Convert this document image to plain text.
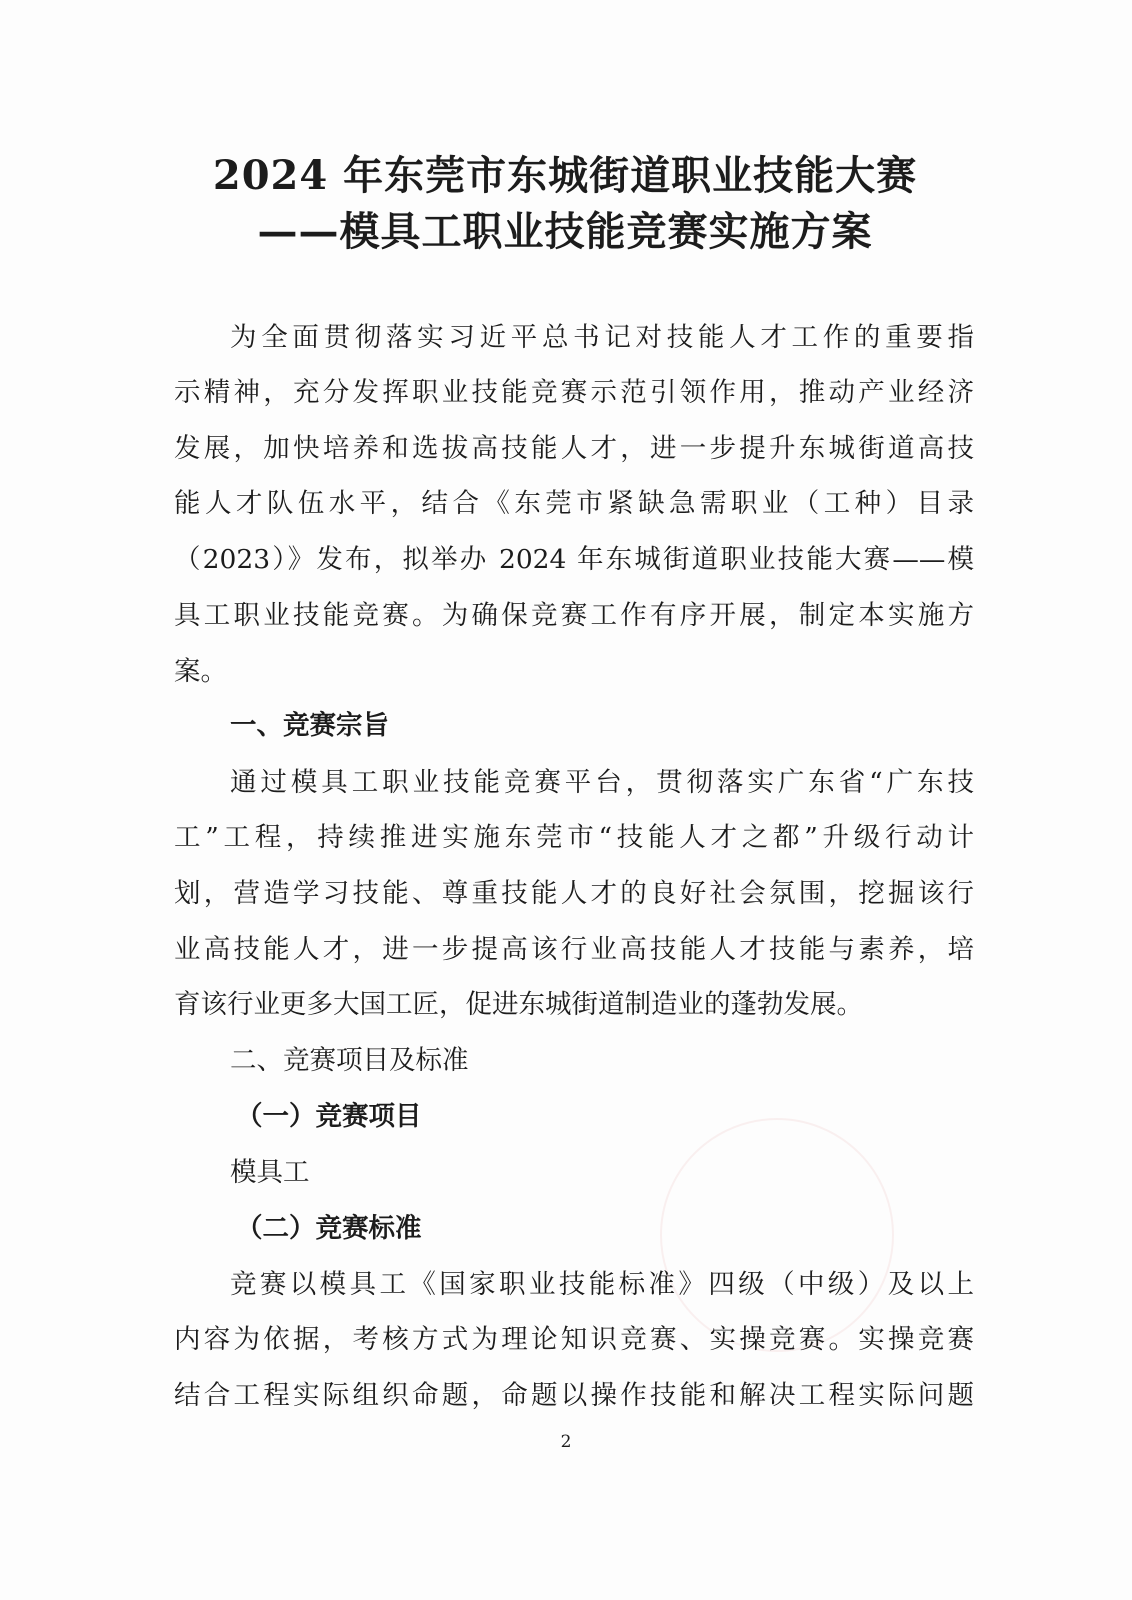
2024 年东莞市东城街道职业技能大赛
——模具工职业技能竞赛实施方案
为全面贯彻落实习近平总书记对技能人才工作的重要指
示精神，充分发挥职业技能竞赛示范引领作用，推动产业经济
发展，加快培养和选拔高技能人才，进一步提升东城街道高技
能人才队伍水平，结合《东莞市紧缺急需职业（工种）目录
（2023）》发布，拟举办 2024 年东城街道职业技能大赛——模
具工职业技能竞赛。为确保竞赛工作有序开展，制定本实施方
案。
一、竞赛宗旨
通过模具工职业技能竞赛平台，贯彻落实广东省“广东技
工”工程，持续推进实施东莞市“技能人才之都”升级行动计
划，营造学习技能、尊重技能人才的良好社会氛围，挖掘该行
业高技能人才，进一步提高该行业高技能人才技能与素养，培
育该行业更多大国工匠，促进东城街道制造业的蓬勃发展。
二、竞赛项目及标准
（一）竞赛项目
模具工
（二）竞赛标准
竞赛以模具工《国家职业技能标准》四级（中级）及以上
内容为依据，考核方式为理论知识竞赛、实操竞赛。实操竞赛
结合工程实际组织命题，命题以操作技能和解决工程实际问题
2
